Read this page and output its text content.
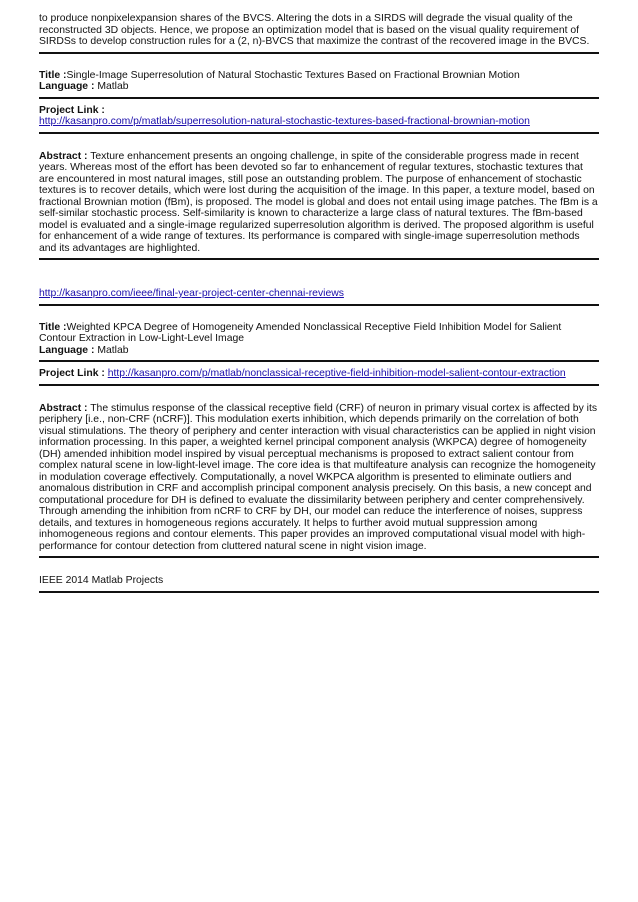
to produce nonpixelexpansion shares of the BVCS. Altering the dots in a SIRDS will degrade the visual quality of the reconstructed 3D objects. Hence, we propose an optimization model that is based on the visual quality requirement of SIRDSs to develop construction rules for a (2, n)-BVCS that maximize the contrast of the recovered image in the BVCS.

Title :Single-Image Superresolution of Natural Stochastic Textures Based on Fractional Brownian Motion

Language : Matlab

Project Link :

http://kasanpro.com/p/matlab/superresolution-natural-stochastic-textures-based-fractional-brownian-motion

Abstract : Texture enhancement presents an ongoing challenge, in spite of the considerable progress made in recent years. Whereas most of the effort has been devoted so far to enhancement of regular textures, stochastic textures that are encountered in most natural images, still pose an outstanding problem. The purpose of enhancement of stochastic textures is to recover details, which were lost during the acquisition of the image. In this paper, a texture model, based on fractional Brownian motion (fBm), is proposed. The model is global and does not entail using image patches. The fBm is a self-similar stochastic process. Self-similarity is known to characterize a large class of natural textures. The fBm-based model is evaluated and a single-image regularized superresolution algorithm is derived. The proposed algorithm is useful for enhancement of a wide range of textures. Its performance is compared with single-image superresolution methods and its advantages are highlighted.

http://kasanpro.com/ieee/final-year-project-center-chennai-reviews

Title :Weighted KPCA Degree of Homogeneity Amended Nonclassical Receptive Field Inhibition Model for Salient Contour Extraction in Low-Light-Level Image

Language : Matlab

Project Link : http://kasanpro.com/p/matlab/nonclassical-receptive-field-inhibition-model-salient-contour-extraction

Abstract : The stimulus response of the classical receptive field (CRF) of neuron in primary visual cortex is affected by its periphery [i.e., non-CRF (nCRF)]. This modulation exerts inhibition, which depends primarily on the correlation of both visual stimulations. The theory of periphery and center interaction with visual characteristics can be applied in night vision information processing. In this paper, a weighted kernel principal component analysis (WKPCA) degree of homogeneity (DH) amended inhibition model inspired by visual perceptual mechanisms is proposed to extract salient contour from complex natural scene in low-light-level image. The core idea is that multifeature analysis can recognize the homogeneity in modulation coverage effectively. Computationally, a novel WKPCA algorithm is presented to eliminate outliers and anomalous distribution in CRF and accomplish principal component analysis precisely. On this basis, a new concept and computational procedure for DH is defined to evaluate the dissimilarity between periphery and center comprehensively. Through amending the inhibition from nCRF to CRF by DH, our model can reduce the interference of noises, suppress details, and textures in homogeneous regions accurately. It helps to further avoid mutual suppression among inhomogeneous regions and contour elements. This paper provides an improved computational visual model with high-performance for contour detection from cluttered natural scene in night vision image.

IEEE 2014 Matlab Projects
